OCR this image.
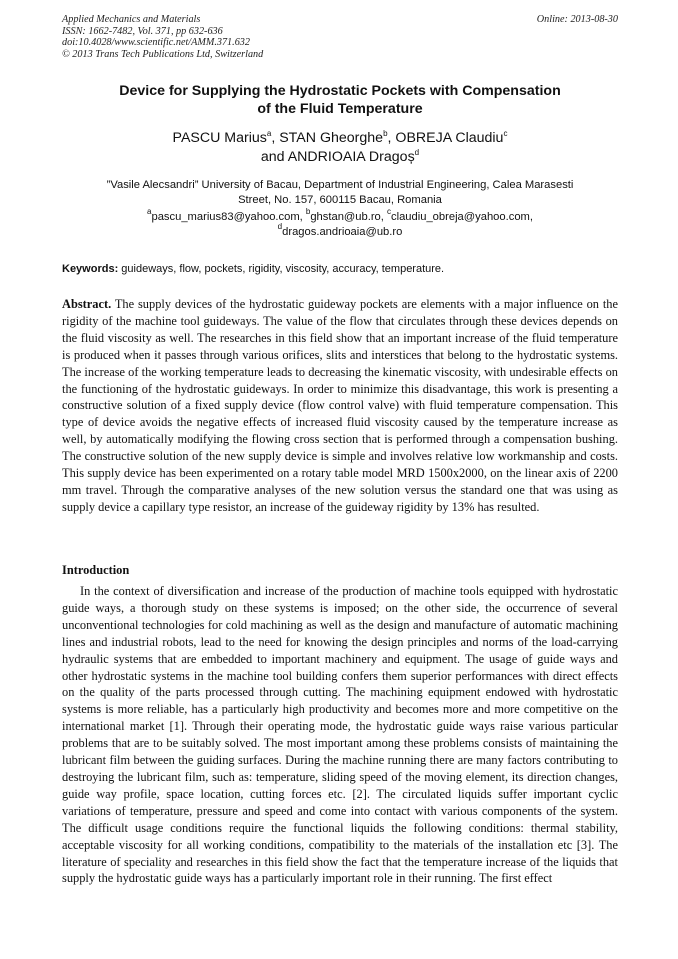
Applied Mechanics and Materials
ISSN: 1662-7482, Vol. 371, pp 632-636
doi:10.4028/www.scientific.net/AMM.371.632
© 2013 Trans Tech Publications Ltd, Switzerland
Online: 2013-08-30
Device for Supplying the Hydrostatic Pockets with Compensation
of the Fluid Temperature
PASCU Marius$^a$, STAN Gheorghe$^b$, OBREJA Claudiu$^c$
and ANDRIOAIA Dragoș$^d$
”Vasile Alecsandri” University of Bacau, Department of Industrial Engineering, Calea Marasesti
Street, No. 157, 600115 Bacau, Romania
$^a$pascu_marius83@yahoo.com, $^b$ghstan@ub.ro, $^c$claudiu_obreja@yahoo.com,
$^d$dragos.andrioaia@ub.ro
Keywords: guideways, flow, pockets, rigidity, viscosity, accuracy, temperature.
Abstract. The supply devices of the hydrostatic guideway pockets are elements with a major influence on the rigidity of the machine tool guideways. The value of the flow that circulates through these devices depends on the fluid viscosity as well. The researches in this field show that an important increase of the fluid temperature is produced when it passes through various orifices, slits and interstices that belong to the hydrostatic systems. The increase of the working temperature leads to decreasing the kinematic viscosity, with undesirable effects on the functioning of the hydrostatic guideways. In order to minimize this disadvantage, this work is presenting a constructive solution of a fixed supply device (flow control valve) with fluid temperature compensation. This type of device avoids the negative effects of increased fluid viscosity caused by the temperature increase as well, by automatically modifying the flowing cross section that is performed through a compensation bushing. The constructive solution of the new supply device is simple and involves relative low workmanship and costs. This supply device has been experimented on a rotary table model MRD 1500x2000, on the linear axis of 2200 mm travel. Through the comparative analyses of the new solution versus the standard one that was using as supply device a capillary type resistor, an increase of the guideway rigidity by 13% has resulted.
Introduction
In the context of diversification and increase of the production of machine tools equipped with hydrostatic guide ways, a thorough study on these systems is imposed; on the other side, the occurrence of several unconventional technologies for cold machining as well as the design and manufacture of automatic machining lines and industrial robots, lead to the need for knowing the design principles and norms of the load-carrying hydraulic systems that are embedded to important machinery and equipment. The usage of guide ways and other hydrostatic systems in the machine tool building confers them superior performances with direct effects on the quality of the parts processed through cutting. The machining equipment endowed with hydrostatic systems is more reliable, has a particularly high productivity and becomes more and more competitive on the international market [1]. Through their operating mode, the hydrostatic guide ways raise various particular problems that are to be suitably solved. The most important among these problems consists of maintaining the lubricant film between the guiding surfaces. During the machine running there are many factors contributing to destroying the lubricant film, such as: temperature, sliding speed of the moving element, its direction changes, guide way profile, space location, cutting forces etc. [2]. The circulated liquids suffer important cyclic variations of temperature, pressure and speed and come into contact with various components of the system. The difficult usage conditions require the functional liquids the following conditions: thermal stability, acceptable viscosity for all working conditions, compatibility to the materials of the installation etc [3]. The literature of speciality and researches in this field show the fact that the temperature increase of the liquids that supply the hydrostatic guide ways has a particularly important role in their running. The first effect
